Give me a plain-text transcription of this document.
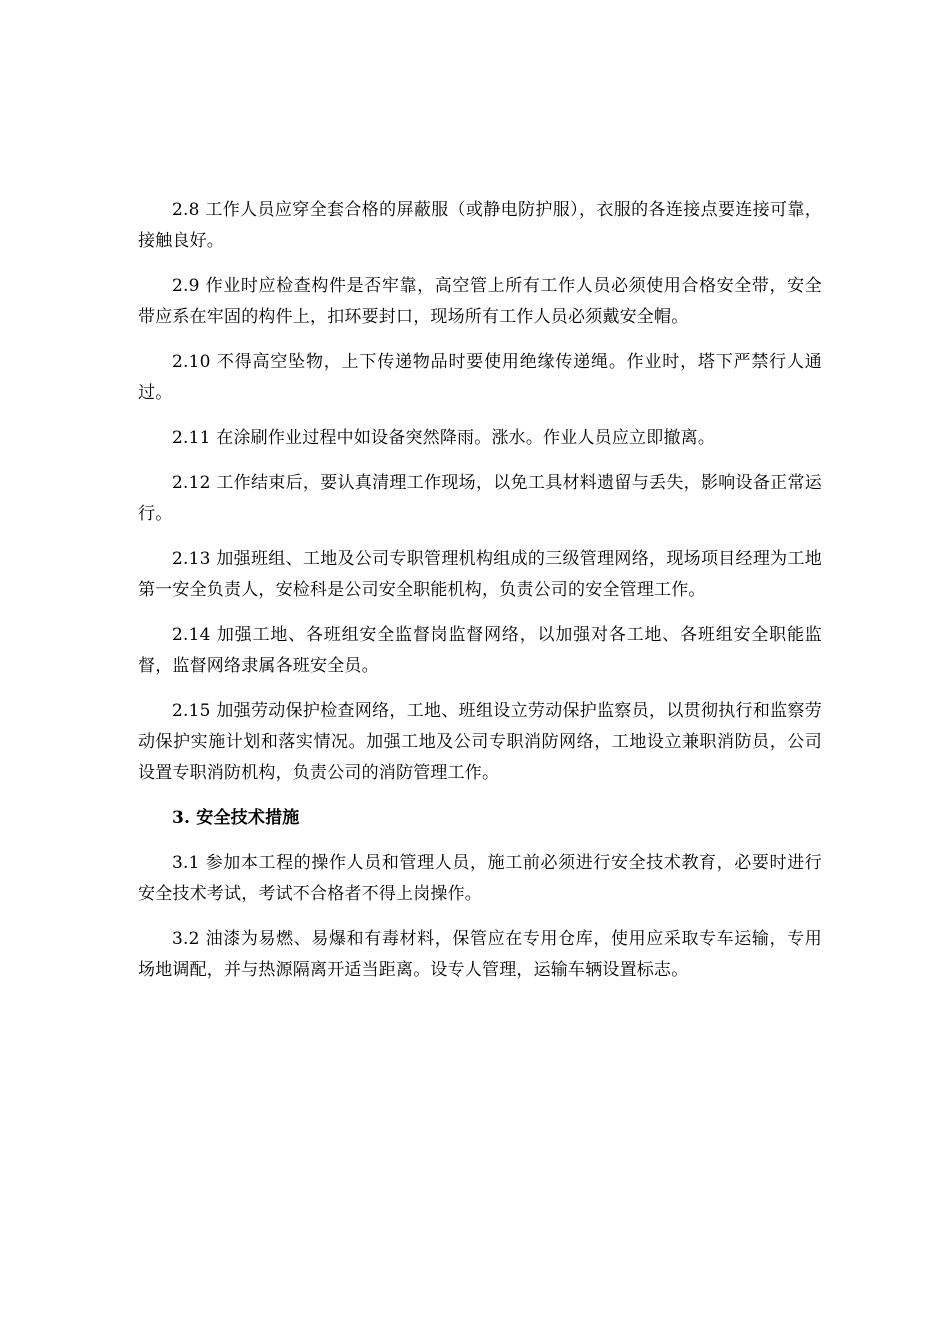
2.8 工作人员应穿全套合格的屏蔽服（或静电防护服），衣服的各连接点要连接可靠，接触良好。

2.9 作业时应检查构件是否牢靠，高空管上所有工作人员必须使用合格安全带，安全带应系在牢固的构件上，扣环要封口，现场所有工作人员必须戴安全帽。

2.10 不得高空坠物，上下传递物品时要使用绝缘传递绳。作业时，塔下严禁行人通过。

2.11 在涂刷作业过程中如设备突然降雨。涨水。作业人员应立即撤离。

2.12 工作结束后，要认真清理工作现场，以免工具材料遗留与丢失，影响设备正常运行。

2.13 加强班组、工地及公司专职管理机构组成的三级管理网络，现场项目经理为工地第一安全负责人，安检科是公司安全职能机构，负责公司的安全管理工作。

2.14 加强工地、各班组安全监督岗监督网络，以加强对各工地、各班组安全职能监督，监督网络隶属各班安全员。

2.15 加强劳动保护检查网络，工地、班组设立劳动保护监察员，以贯彻执行和监察劳动保护实施计划和落实情况。加强工地及公司专职消防网络，工地设立兼职消防员，公司设置专职消防机构，负责公司的消防管理工作。

3. 安全技术措施

3.1 参加本工程的操作人员和管理人员，施工前必须进行安全技术教育，必要时进行安全技术考试，考试不合格者不得上岗操作。

3.2 油漆为易燃、易爆和有毒材料，保管应在专用仓库，使用应采取专车运输，专用场地调配，并与热源隔离开适当距离。设专人管理，运输车辆设置标志。
